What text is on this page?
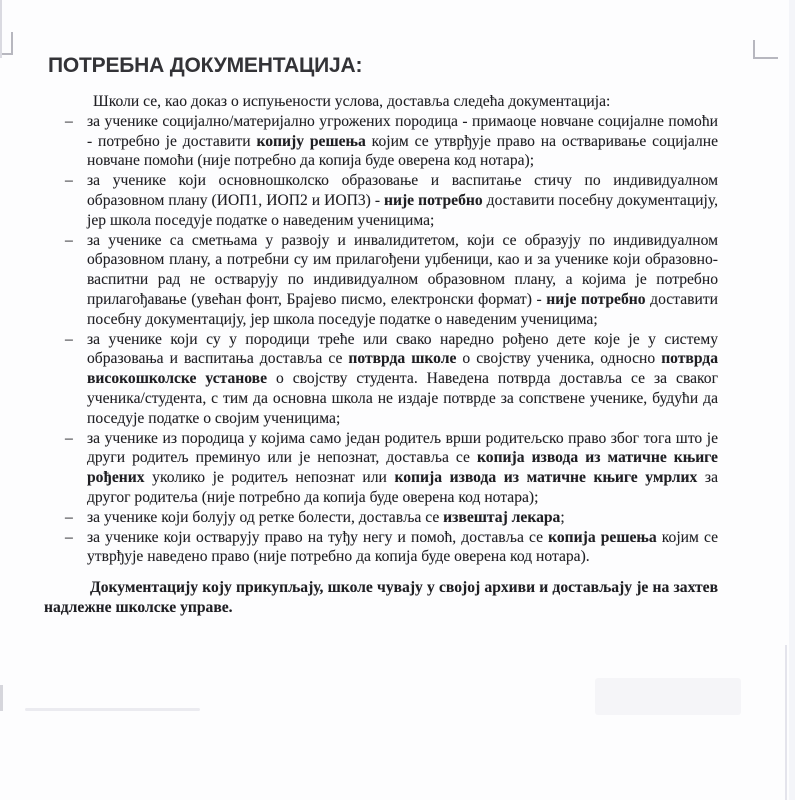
ПОТРЕБНА ДОКУМЕНТАЦИЈА:

Школи се, као доказ о испуњености услова, доставља следећа документација:

– за ученике социјално/материјално угрожених породица - примаоце новчане социјалне помоћи - потребно је доставити копију решења којим се утврђује право на остваривање социјалне новчане помоћи (није потребно да копија буде оверена код нотара);
– за ученике који основношколско образовање и васпитање стичу по индивидуалном образовном плану (ИОП1, ИОП2 и ИОП3) - није потребно доставити посебну документацију, јер школа поседује податке о наведеним ученицима;
– за ученике са сметњама у развоју и инвалидитетом, који се образују по индивидуалном образовном плану, а потребни су им прилагођени уџбеници, као и за ученике који образовно-васпитни рад не остварују по индивидуалном образовном плану, а којима је потребно прилагођавање (увећан фонт, Брајево писмо, електронски формат) - није потребно доставити посебну документацију, јер школа поседује податке о наведеним ученицима;
– за ученике који су у породици треће или свако наредно рођено дете које је у систему образовања и васпитања доставља се потврда школе о својству ученика, односно потврда високошколске установе о својству студента. Наведена потврда доставља се за сваког ученика/студента, с тим да основна школа не издаје потврде за сопствене ученике, будући да поседује податке о својим ученицима;
– за ученике из породица у којима само један родитељ врши родитељско право због тога што је други родитељ преминуо или је непознат, доставља се копија извода из матичне књиге рођених уколико је родитељ непознат или копија извода из матичне књиге умрлих за другог родитеља (није потребно да копија буде оверена код нотара);
– за ученике који болују од ретке болести, доставља се извештај лекара;
– за ученике који остварују право на туђу негу и помоћ, доставља се копија решења којим се утврђује наведено право (није потребно да копија буде оверена код нотара).

Документацију коју прикупљају, школе чувају у својој архиви и достављају је на захтев надлежне школске управе.
